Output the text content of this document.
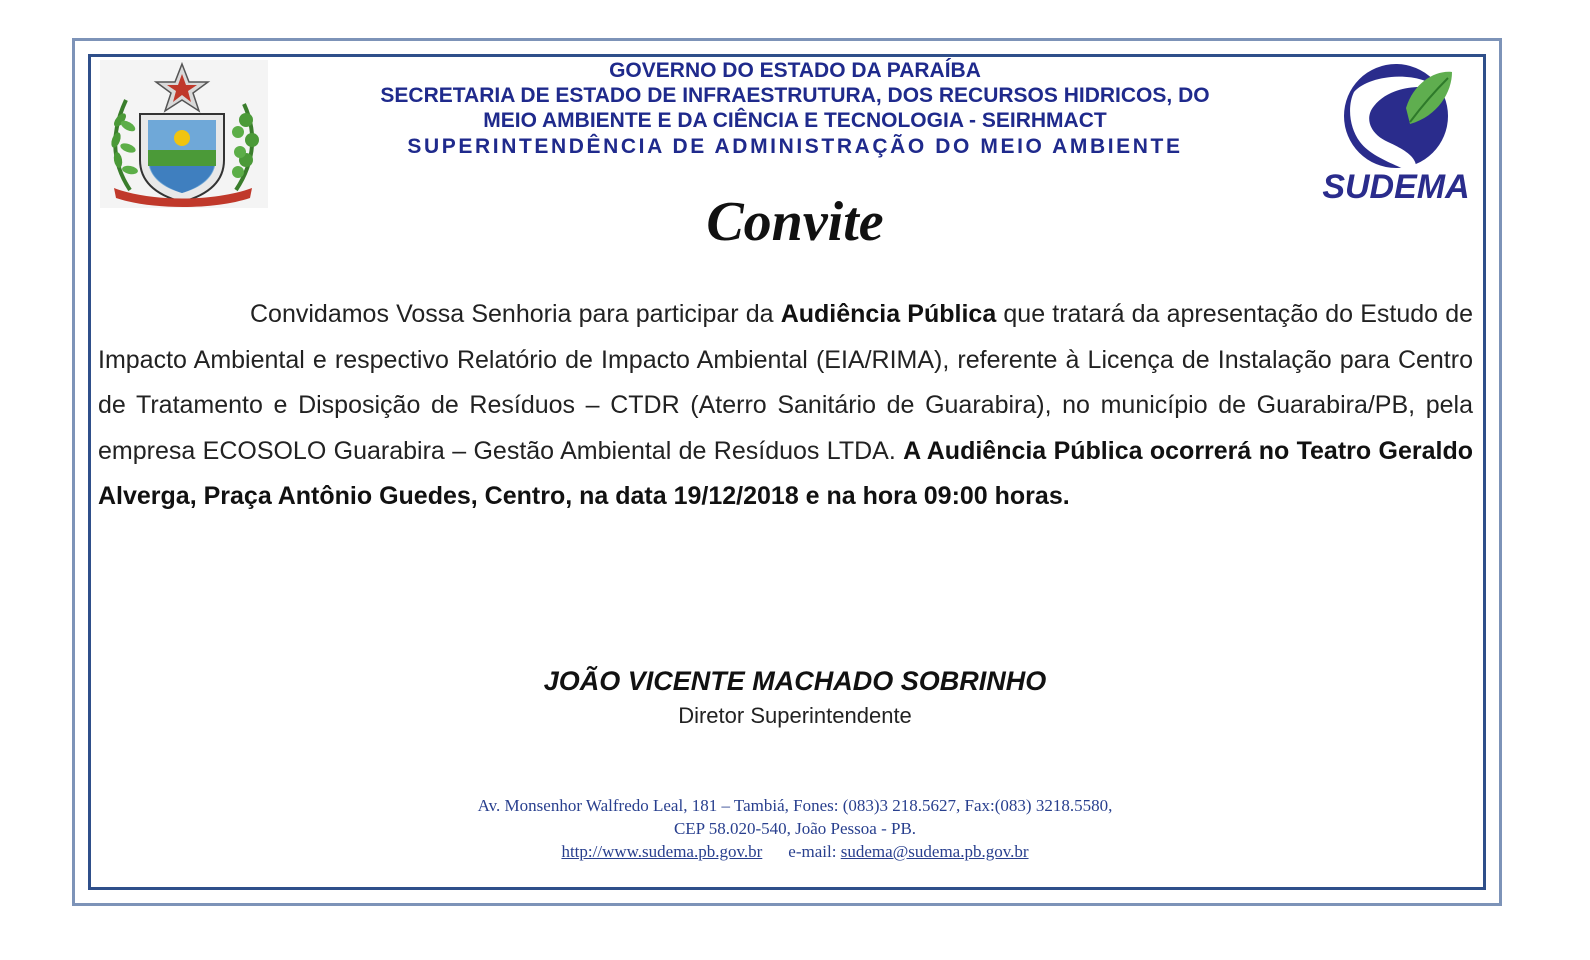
SUDEMA
GOVERNO DO ESTADO DA PARAÍBA
SECRETARIA DE ESTADO DE INFRAESTRUTURA, DOS RECURSOS HIDRICOS, DO
MEIO AMBIENTE E DA CIÊNCIA E TECNOLOGIA - SEIRHMACT
SUPERINTENDÊNCIA DE ADMINISTRAÇÃO DO MEIO AMBIENTE
Convite
Convidamos Vossa Senhoria para participar da Audiência Pública que tratará da apresentação do Estudo de Impacto Ambiental e respectivo Relatório de Impacto Ambiental (EIA/RIMA), referente à Licença de Instalação para Centro de Tratamento e Disposição de Resíduos – CTDR (Aterro Sanitário de Guarabira), no município de Guarabira/PB, pela empresa ECOSOLO Guarabira – Gestão Ambiental de Resíduos LTDA. A Audiência Pública ocorrerá no Teatro Geraldo Alverga, Praça Antônio Guedes, Centro, na data 19/12/2018 e na hora 09:00 horas.
JOÃO VICENTE MACHADO SOBRINHO
Diretor Superintendente
Av. Monsenhor Walfredo Leal, 181 – Tambiá, Fones: (083)3 218.5627, Fax:(083) 3218.5580,
CEP 58.020-540, João Pessoa - PB.
http://www.sudema.pb.gov.br e-mail: sudema@sudema.pb.gov.br
